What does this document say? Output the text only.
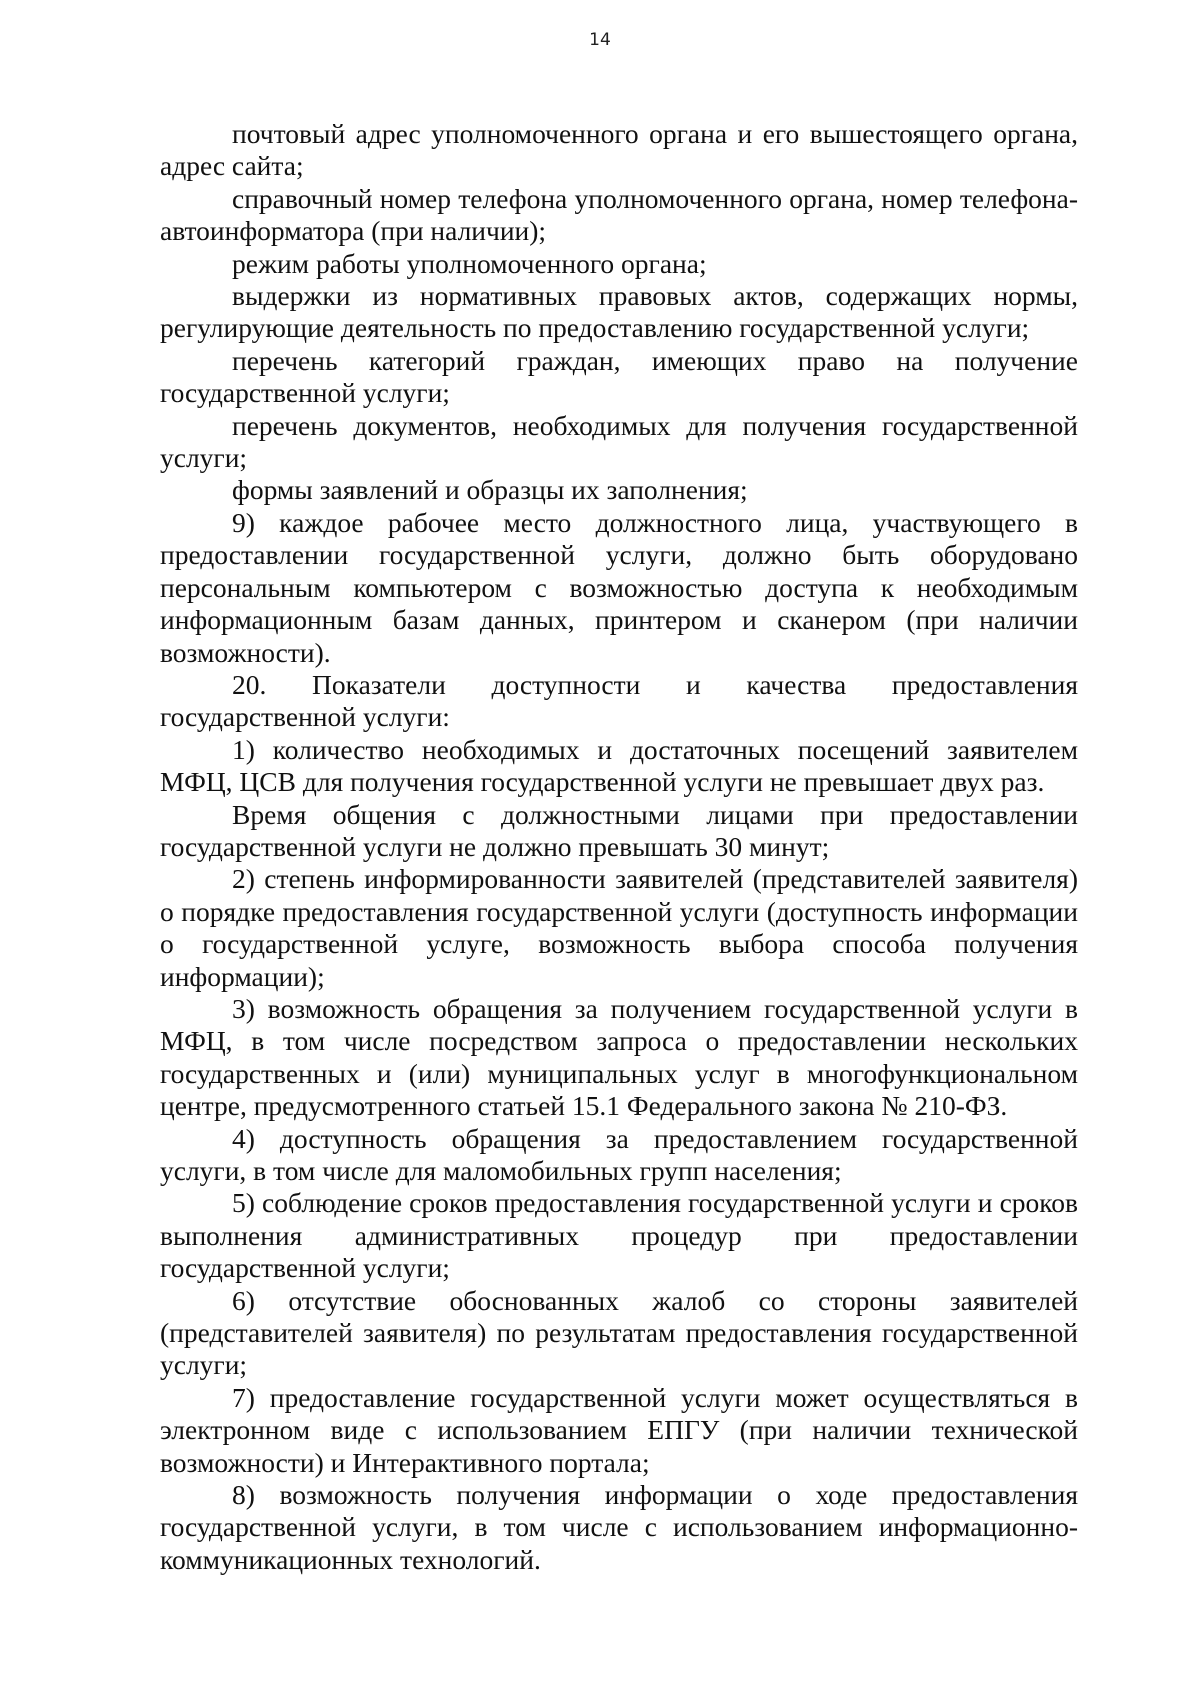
14

почтовый адрес уполномоченного органа и его вышестоящего органа, адрес сайта;

справочный номер телефона уполномоченного органа, номер телефона-автоинформатора (при наличии);

режим работы уполномоченного органа;

выдержки из нормативных правовых актов, содержащих нормы, регулирующие деятельность по предоставлению государственной услуги;

перечень категорий граждан, имеющих право на получение государственной услуги;

перечень документов, необходимых для получения государственной услуги;

формы заявлений и образцы их заполнения;

9) каждое рабочее место должностного лица, участвующего в предоставлении государственной услуги, должно быть оборудовано персональным компьютером с возможностью доступа к необходимым информационным базам данных, принтером и сканером (при наличии возможности).

20. Показатели доступности и качества предоставления государственной услуги:

1) количество необходимых и достаточных посещений заявителем МФЦ, ЦСВ для получения государственной услуги не превышает двух раз.

Время общения с должностными лицами при предоставлении государственной услуги не должно превышать 30 минут;

2) степень информированности заявителей (представителей заявителя) о порядке предоставления государственной услуги (доступность информации о государственной услуге, возможность выбора способа получения информации);

3) возможность обращения за получением государственной услуги в МФЦ, в том числе посредством запроса о предоставлении нескольких государственных и (или) муниципальных услуг в многофункциональном центре, предусмотренного статьей 15.1 Федерального закона № 210-ФЗ.

4) доступность обращения за предоставлением государственной услуги, в том числе для маломобильных групп населения;

5) соблюдение сроков предоставления государственной услуги и сроков выполнения административных процедур при предоставлении государственной услуги;

6) отсутствие обоснованных жалоб со стороны заявителей (представителей заявителя) по результатам предоставления государственной услуги;

7) предоставление государственной услуги может осуществляться в электронном виде с использованием ЕПГУ (при наличии технической возможности) и Интерактивного портала;

8) возможность получения информации о ходе предоставления государственной услуги, в том числе с использованием информационно-коммуникационных технологий.
